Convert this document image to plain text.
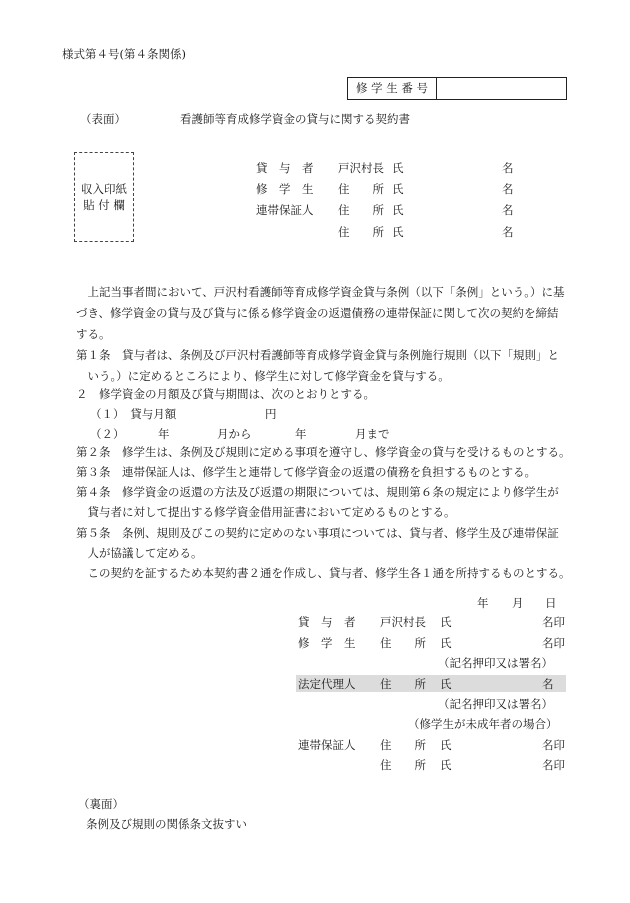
様式第４号(第４条関係)
修 学 生 番 号
（表面）	看護師等育成修学資金の貸与に関する契約書
収入印紙
貼 付 欄
貸　与　者 戸沢村長 氏	名
修　学　生 住　　所 氏	名
連帯保証人 住　　所 氏	名
住　　所 氏	名
　上記当事者間において、戸沢村看護師等育成修学資金貸与条例（以下「条例」という。）に基
づき、修学資金の貸与及び貸与に係る修学資金の返還債務の連帯保証に関して次の契約を締結
する。
第１条　貸与者は、条例及び戸沢村看護師等育成修学資金貸与条例施行規則（以下「規則」と
　いう。）に定めるところにより、修学生に対して修学資金を貸与する。
２　修学資金の月額及び貸与期間は、次のとおりとする。
（１）　貸与月額	円
（２）	年	月から	年	月まで
第２条　修学生は、条例及び規則に定める事項を遵守し、修学資金の貸与を受けるものとする。
第３条　連帯保証人は、修学生と連帯して修学資金の返還の債務を負担するものとする。
第４条　修学資金の返還の方法及び返還の期限については、規則第６条の規定により修学生が
　貸与者に対して提出する修学資金借用証書において定めるものとする。
第５条　条例、規則及びこの契約に定めのない事項については、貸与者、修学生及び連帯保証
　人が協議して定める。
　この契約を証するため本契約書２通を作成し、貸与者、修学生各１通を所持するものとする。
年 月 日
貸　与　者 戸沢村長 氏	名印
修　学　生 住　　所 氏	名印
（記名押印又は署名）
法定代理人 住　　所 氏	名
（記名押印又は署名）
（修学生が未成年者の場合）
連帯保証人 住　　所 氏	名印
住　　所 氏	名印
（裏面）
条例及び規則の関係条文抜すい
